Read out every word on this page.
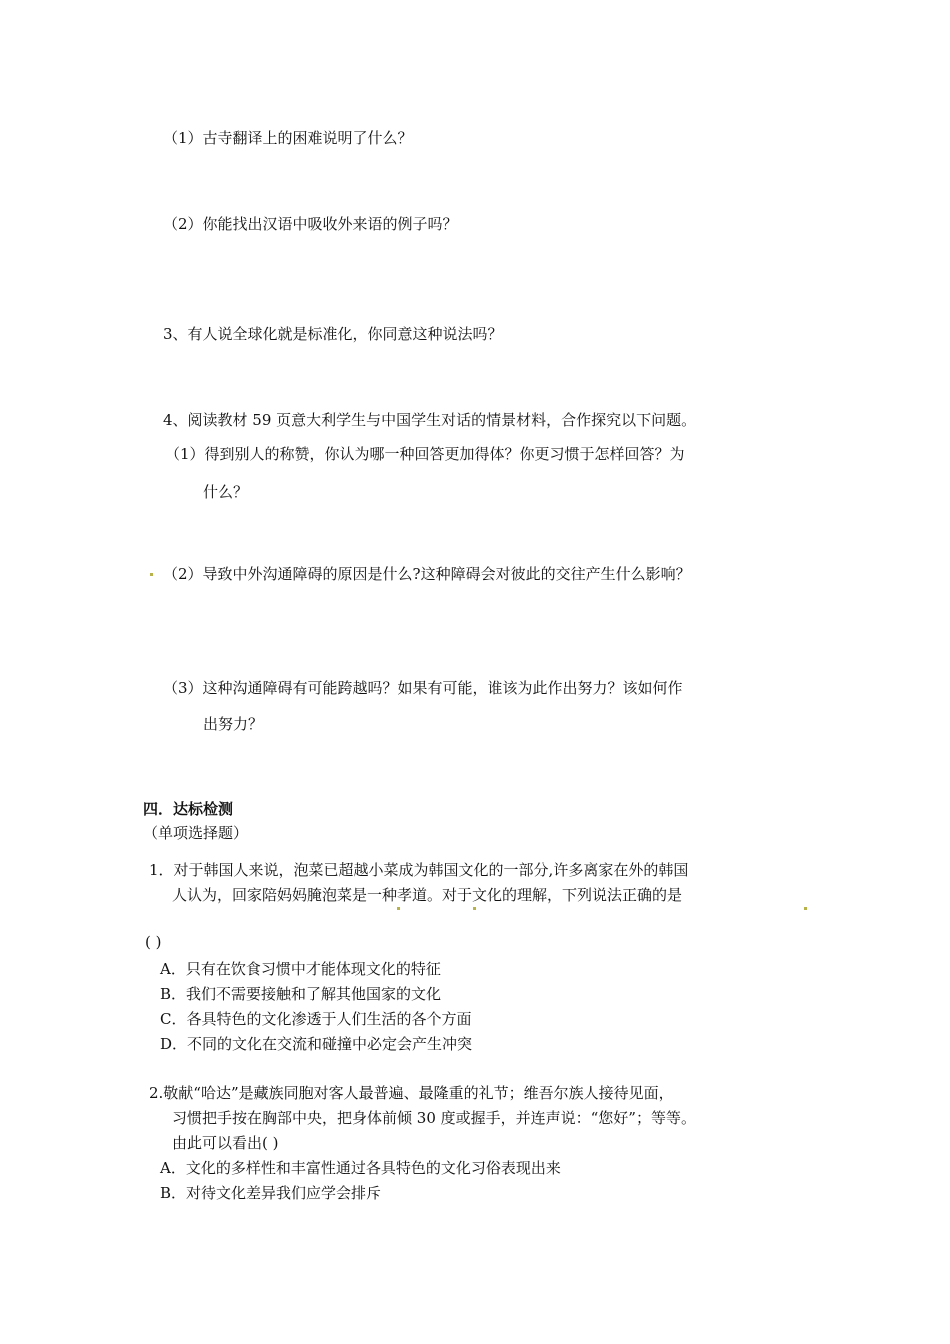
（1）古寺翻译上的困难说明了什么？
（2）你能找出汉语中吸收外来语的例子吗？
3、有人说全球化就是标准化，你同意这种说法吗？
4、阅读教材 59 页意大利学生与中国学生对话的情景材料，合作探究以下问题。
（1）得到别人的称赞，你认为哪一种回答更加得体？你更习惯于怎样回答？为
什么？
（2）导致中外沟通障碍的原因是什么?这种障碍会对彼此的交往产生什么影响？
（3）这种沟通障碍有可能跨越吗？如果有可能，谁该为此作出努力？该如何作
出努力？
四．达标检测
（单项选择题）
1．对于韩国人来说，泡菜已超越小菜成为韩国文化的一部分,许多离家在外的韩国
人认为，回家陪妈妈腌泡菜是一种孝道。对于文化的理解，下列说法正确的是
( )
A．只有在饮食习惯中才能体现文化的特征
B．我们不需要接触和了解其他国家的文化
C．各具特色的文化渗透于人们生活的各个方面
D．不同的文化在交流和碰撞中必定会产生冲突
2.敬献“哈达”是藏族同胞对客人最普遍、最隆重的礼节；维吾尔族人接待见面，
习惯把手按在胸部中央，把身体前倾 30 度或握手，并连声说：“您好”；等等。
由此可以看出( )
A．文化的多样性和丰富性通过各具特色的文化习俗表现出来
B．对待文化差异我们应学会排斥
